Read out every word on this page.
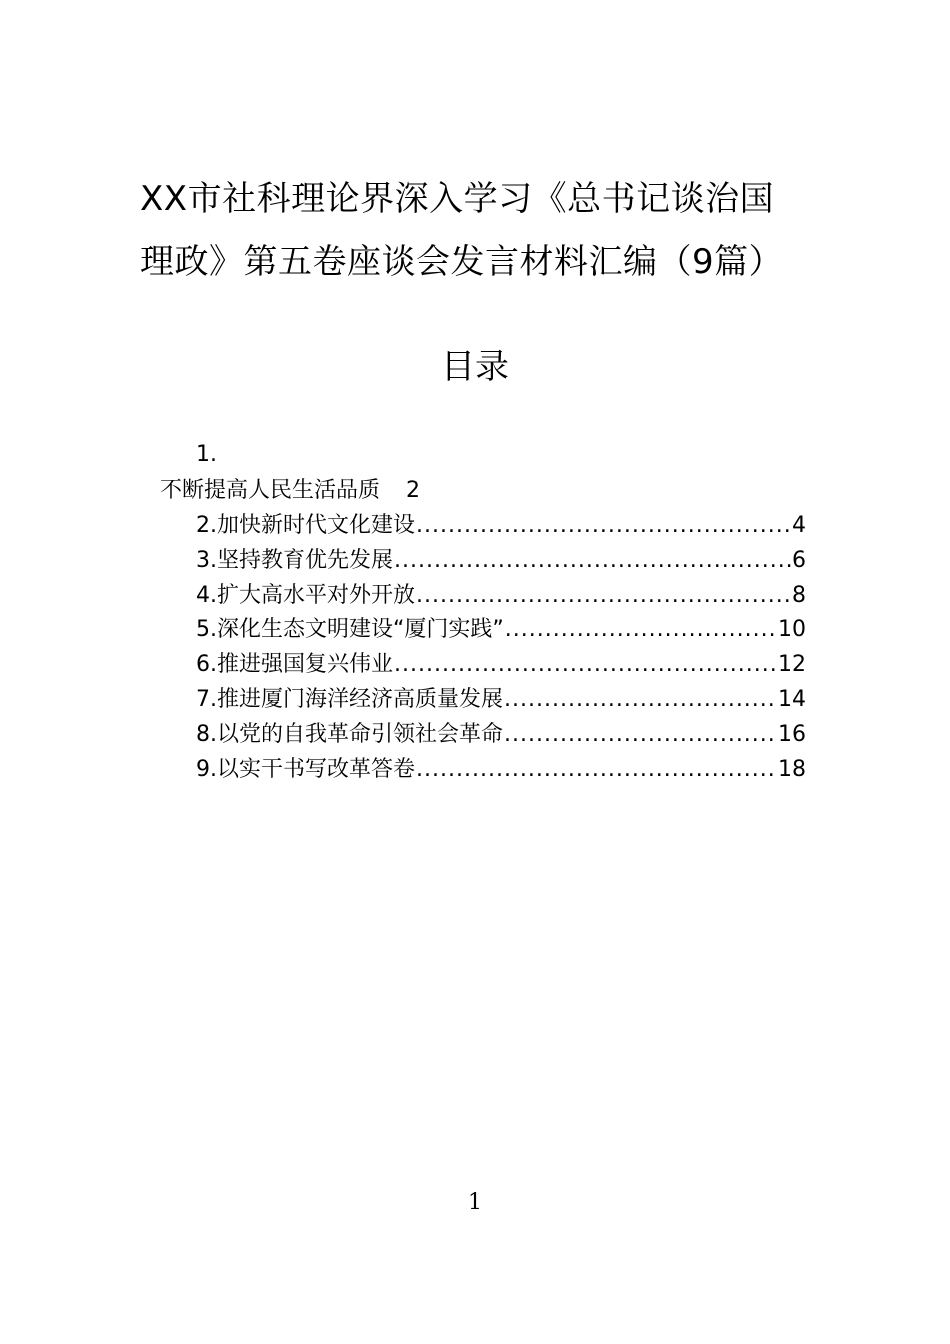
XX市社科理论界深入学习《总书记谈治国
理政》第五卷座谈会发言材料汇编（9篇）
目录
1.
不断提高人民生活品质 2
2.加快新时代文化建设 .....	4
3.坚持教育优先发展 .....	6
4.扩大高水平对外开放 .....	8
5.深化生态文明建设“厦门实践” .....	10
6.推进强国复兴伟业 .....	12
7.推进厦门海洋经济高质量发展 .....	14
8.以党的自我革命引领社会革命 .....	16
9.以实干书写改革答卷 .....	18
1
